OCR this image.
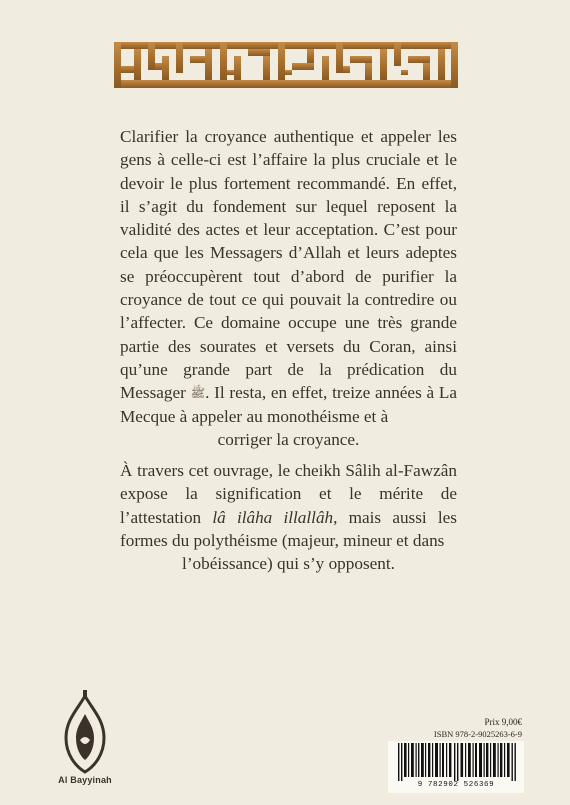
Clarifier la croyance authentique et appeler les gens à celle-ci est l’affaire la plus cruciale et le devoir le plus fortement recommandé. En effet, il s’agit du fondement sur lequel reposent la validité des actes et leur acceptation. C’est pour cela que les Messagers d’Allah et leurs adeptes se préoccupèrent tout d’abord de purifier la croyance de tout ce qui pouvait la contredire ou l’affecter. Ce domaine occupe une très grande partie des sourates et versets du Coran, ainsi qu’une grande part de la prédication du Messager ﷺ. Il resta, en effet, treize années à La Mecque à appeler au monothéisme et à
corriger la croyance.

À travers cet ouvrage, le cheikh Sâlih al-Fawzân expose la signification et le mérite de l’attestation lâ ilâha illallâh, mais aussi les formes du polythéisme (majeur, mineur et dans
l’obéissance) qui s’y opposent.

Al Bayyinah
Prix 9,00€
ISBN 978-2-9025263-6-9
9 782902 526369
